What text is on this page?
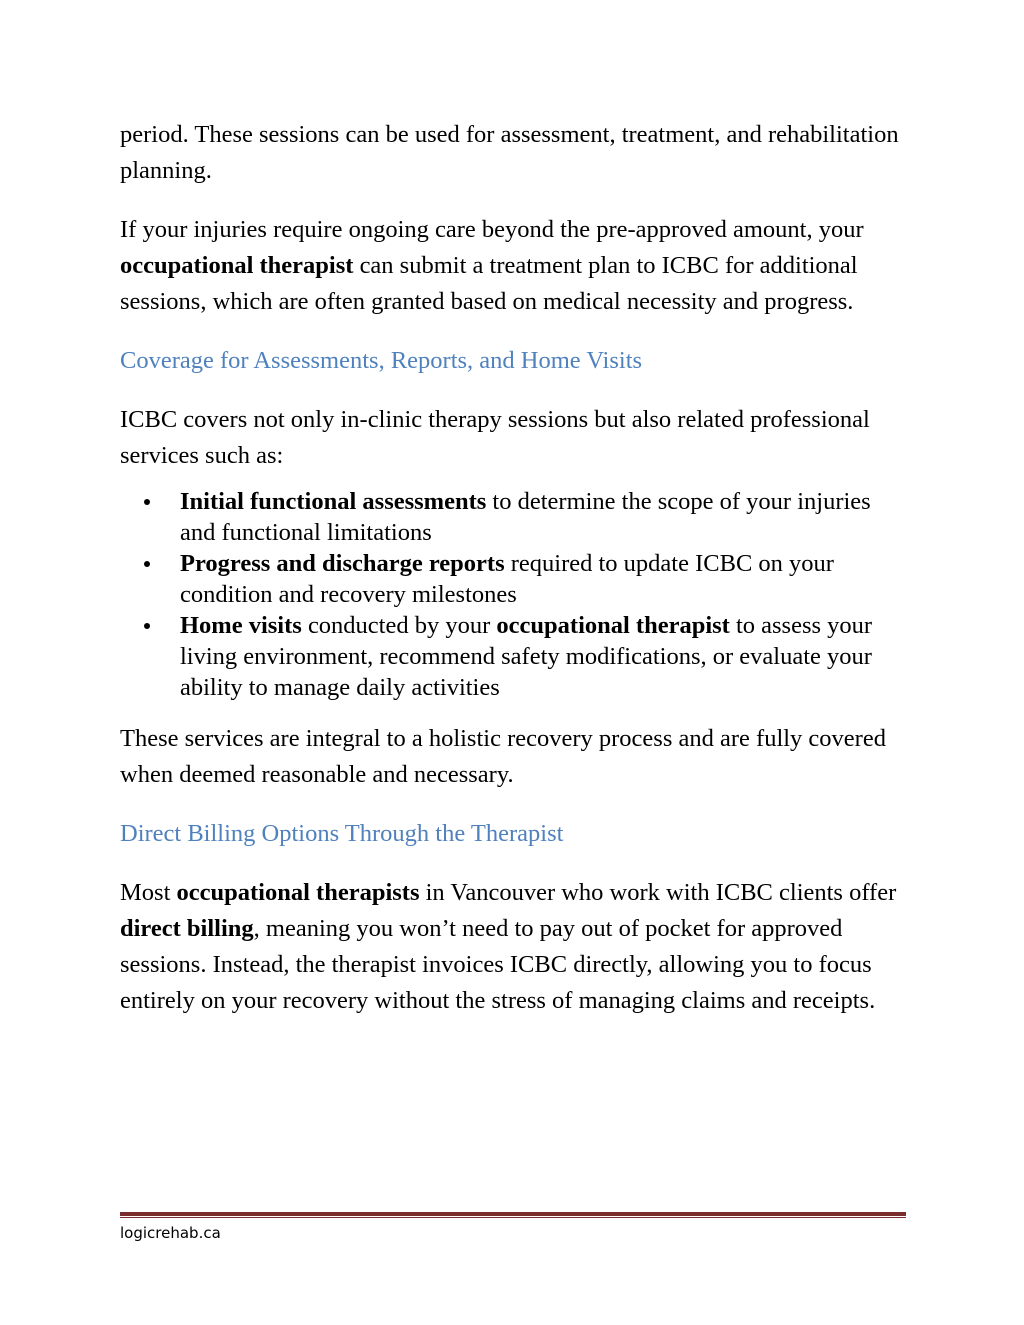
period. These sessions can be used for assessment, treatment, and rehabilitation planning.

If your injuries require ongoing care beyond the pre-approved amount, your occupational therapist can submit a treatment plan to ICBC for additional sessions, which are often granted based on medical necessity and progress.

Coverage for Assessments, Reports, and Home Visits

ICBC covers not only in-clinic therapy sessions but also related professional services such as:

Initial functional assessments to determine the scope of your injuries and functional limitations
Progress and discharge reports required to update ICBC on your condition and recovery milestones
Home visits conducted by your occupational therapist to assess your living environment, recommend safety modifications, or evaluate your ability to manage daily activities

These services are integral to a holistic recovery process and are fully covered when deemed reasonable and necessary.

Direct Billing Options Through the Therapist

Most occupational therapists in Vancouver who work with ICBC clients offer direct billing, meaning you won’t need to pay out of pocket for approved sessions. Instead, the therapist invoices ICBC directly, allowing you to focus entirely on your recovery without the stress of managing claims and receipts.

logicrehab.ca
